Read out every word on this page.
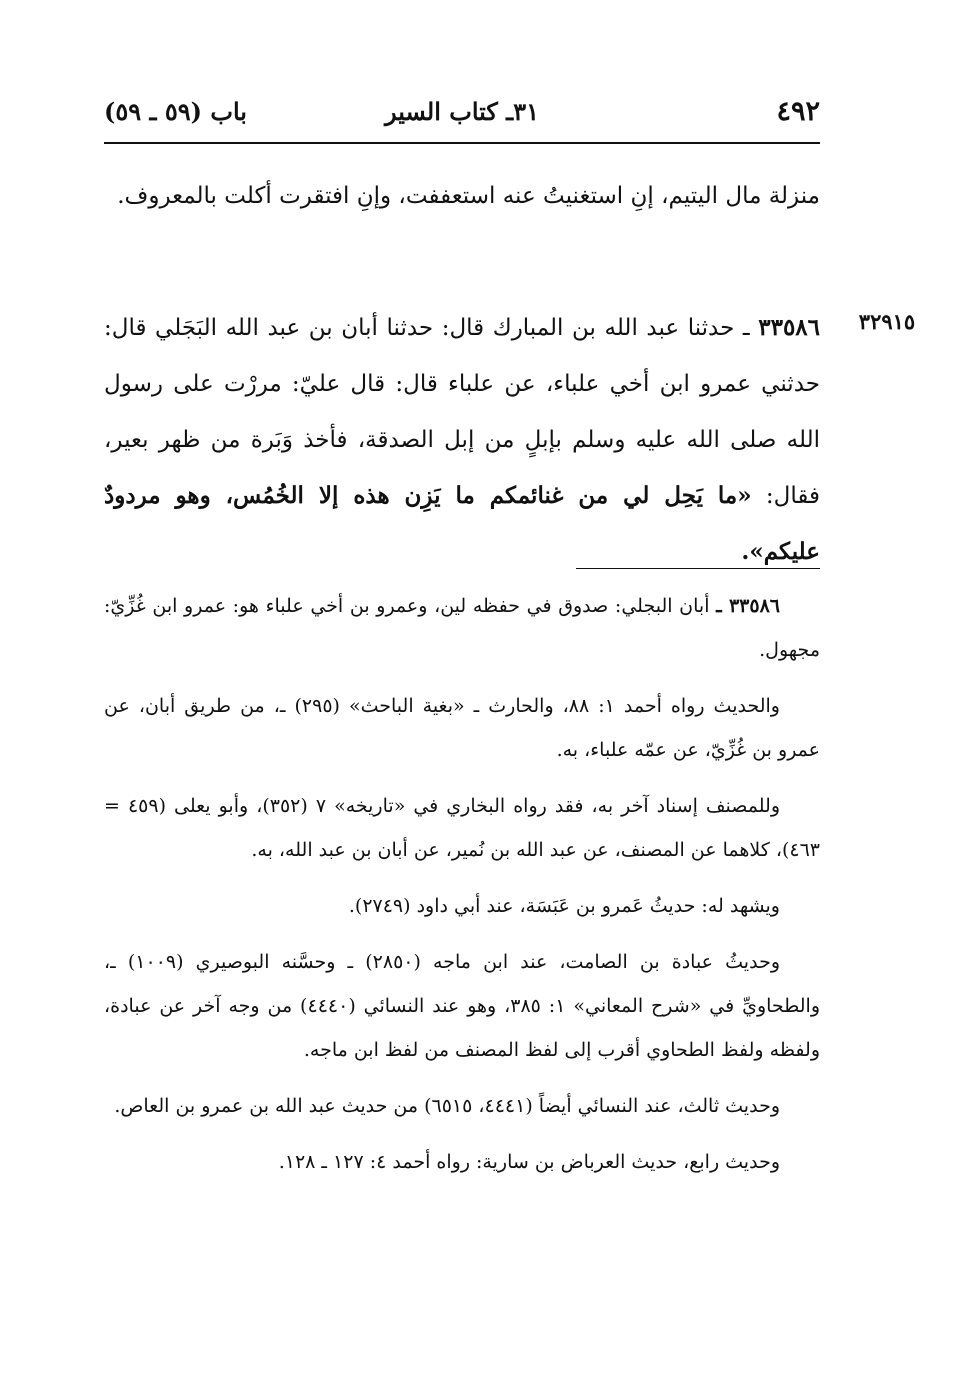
٤٩٢
٣١ـ كتاب السير
باب (٥٩ ـ ٥٩)
منزلة مال اليتيم، إنِ استغنيتُ عنه استعففت، وإنِ افتقرت أكلت بالمعروف.
٣٢٩١٥
٣٣٥٨٦ ـ حدثنا عبد الله بن المبارك قال: حدثنا أبان بن عبد الله البَجَلي قال: حدثني عمرو ابن أخي علباء، عن علباء قال: قال عليّ: مررْت على رسول الله صلى الله عليه وسلم بإبلٍ من إبل الصدقة، فأخذ وَبَرة من ظهر بعير، فقال: «ما يَحِل لي من غنائمكم ما يَزِن هذه إلا الخُمُس، وهو مردودٌ عليكم».

٣٣٥٨٦ ـ أبان البجلي: صدوق في حفظه لين، وعمرو بن أخي علباء هو: عمرو ابن غُزِّيّ: مجهول.

والحديث رواه أحمد ١: ٨٨، والحارث ـ «بغية الباحث» (٢٩٥) ـ، من طريق أبان، عن عمرو بن غُزِّيّ، عن عمّه علباء، به.

وللمصنف إسناد آخر به، فقد رواه البخاري في «تاريخه» ٧ (٣٥٢)، وأبو يعلى (٤٥٩ = ٤٦٣)، كلاهما عن المصنف، عن عبد الله بن نُمير، عن أبان بن عبد الله، به.

ويشهد له: حديثُ عَمرو بن عَبَسَة، عند أبي داود (٢٧٤٩).

وحديثُ عبادة بن الصامت، عند ابن ماجه (٢٨٥٠) ـ وحسَّنه البوصيري (١٠٠٩) ـ، والطحاويِّ في «شرح المعاني» ١: ٣٨٥، وهو عند النسائي (٤٤٤٠) من وجه آخر عن عبادة، ولفظه ولفظ الطحاوي أقرب إلى لفظ المصنف من لفظ ابن ماجه.

وحديث ثالث، عند النسائي أيضاً (٤٤٤١، ٦٥١٥) من حديث عبد الله بن عمرو بن العاص.

وحديث رابع، حديث العرباض بن سارية: رواه أحمد ٤: ١٢٧ ـ ١٢٨.
